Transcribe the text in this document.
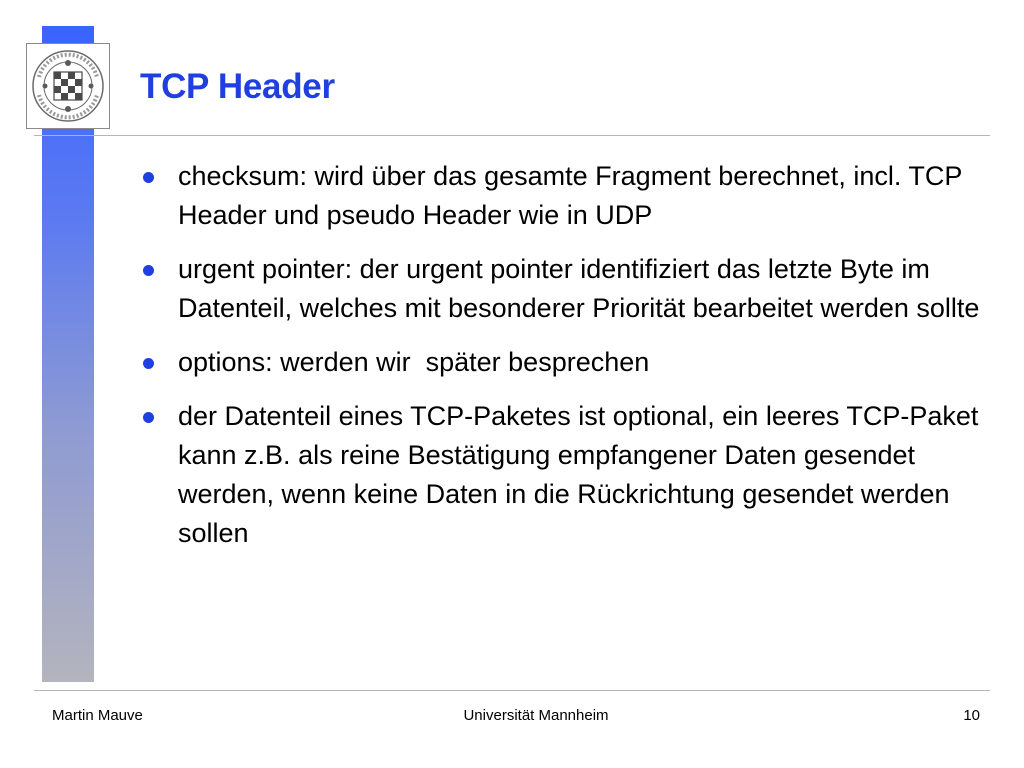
TCP Header
checksum: wird über das gesamte Fragment berechnet, incl. TCP Header und pseudo Header wie in UDP
urgent pointer: der urgent pointer identifiziert das letzte Byte im Datenteil, welches mit besonderer Priorität bearbeitet werden sollte
options: werden wir  später besprechen
der Datenteil eines TCP-Paketes ist optional, ein leeres TCP-Paket kann z.B. als reine Bestätigung empfangener Daten gesendet werden, wenn keine Daten in die Rückrichtung gesendet werden sollen
Martin Mauve	Universität Mannheim	10
